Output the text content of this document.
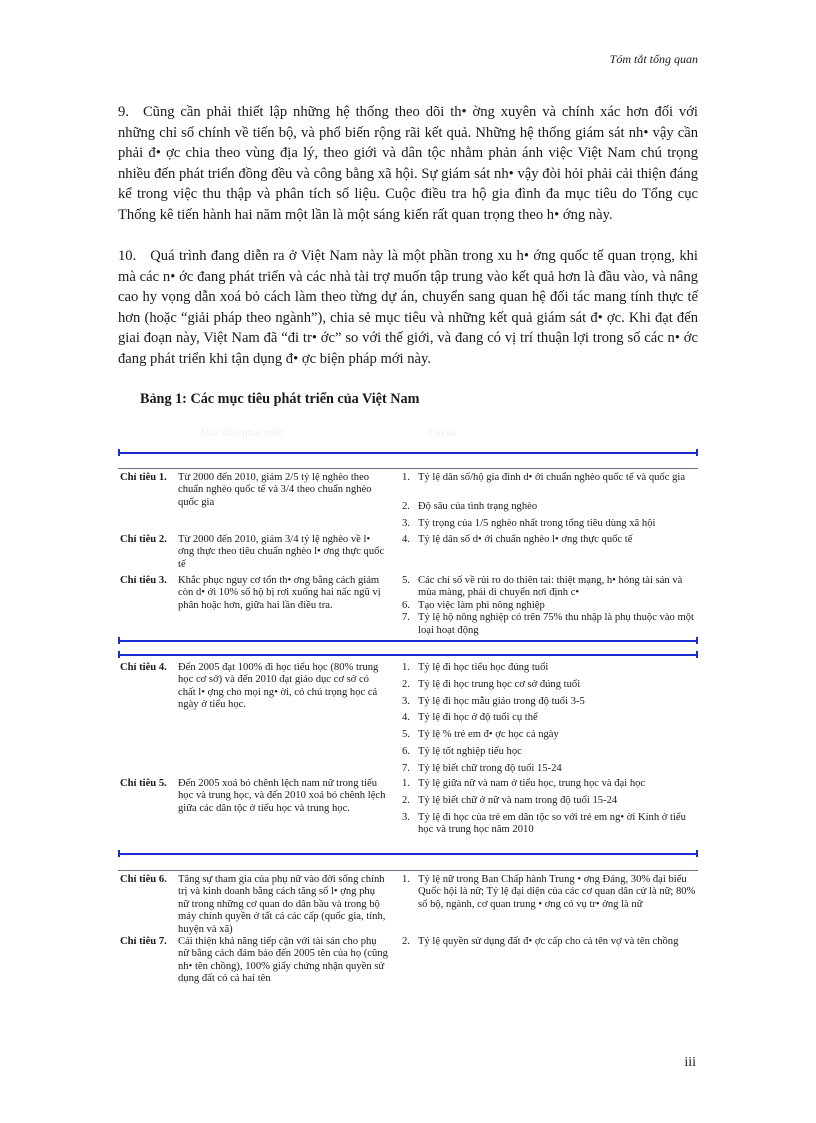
Tóm tắt tổng quan

9. Cũng cần phải thiết lập những hệ thống theo dõi th• ờng xuyên và chính xác hơn đối với những chỉ số chính về tiến bộ, và phổ biến rộng rãi kết quả. Những hệ thống giám sát nh• vậy cần phải đ• ợc chia theo vùng địa lý, theo giới và dân tộc nhằm phản ánh việc Việt Nam chú trọng nhiều đến phát triển đồng đều và công bằng xã hội. Sự giám sát nh• vậy đòi hỏi phải cải thiện đáng kể trong việc thu thập và phân tích số liệu. Cuộc điều tra hộ gia đình đa mục tiêu do Tổng cục Thống kê tiến hành hai năm một lần là một sáng kiến rất quan trọng theo h• ớng này.

10. Quá trình đang diễn ra ở Việt Nam này là một phần trong xu h• ớng quốc tế quan trọng, khi mà các n• ớc đang phát triển và các nhà tài trợ muốn tập trung vào kết quả hơn là đầu vào, và nâng cao hy vọng dẫn xoá bỏ cách làm theo từng dự án, chuyển sang quan hệ đối tác mang tính thực tế hơn (hoặc “giải pháp theo ngành”), chia sẻ mục tiêu và những kết quả giám sát đ• ợc. Khi đạt đến giai đoạn này, Việt Nam đã “đi tr• ớc” so với thế giới, và đang có vị trí thuận lợi trong số các n• ớc đang phát triển khi tận dụng đ• ợc biện pháp mới này.

Bảng 1: Các mục tiêu phát triển của Việt Nam
Mục tiêu phát triển	Chỉ số
Chỉ tiêu 1.	Từ 2000 đến 2010, giảm 2/5 tỷ lệ nghèo theo chuẩn nghèo quốc tế và 3/4 theo chuẩn nghèo quốc gia
1. Tỷ lệ dân số/hộ gia đình d• ới chuẩn nghèo quốc tế và quốc gia
2. Độ sâu của tình trạng nghèo
3. Tỷ trọng của 1/5 nghèo nhất trong tổng tiêu dùng xã hội
Chỉ tiêu 2.	Từ 2000 đến 2010, giảm 3/4 tỷ lệ nghèo về l• ơng thực theo tiêu chuẩn nghèo l• ơng thực quốc tế
4. Tỷ lệ dân số d• ới chuẩn nghèo l• ơng thực quốc tế
Chỉ tiêu 3.	Khắc phục nguy cơ tổn th• ơng bằng cách giảm còn d• ới 10% số hộ bị rơi xuống hai nấc ngũ vị phân hoặc hơn, giữa hai lần điều tra.
5. Các chỉ số về rủi ro do thiên tai: thiệt mạng, h• hỏng tài sản và mùa màng, phải di chuyển nơi định c•
6. Tạo việc làm phi nông nghiệp
7. Tỷ lệ hộ nông nghiệp có trên 75% thu nhập là phụ thuộc vào một loại hoạt động
Chỉ tiêu 4.	Đến 2005 đạt 100% đi học tiểu học (80% trung học cơ sở) và đến 2010 đạt giáo dục cơ sở có chất l• ợng cho mọi ng• ời, có chú trọng học cả ngày ở tiểu học.
1. Tỷ lệ đi học tiểu học đúng tuổi
2. Tỷ lệ đi học trung học cơ sở đúng tuổi
3. Tỷ lệ đi học mẫu giáo trong độ tuổi 3-5
4. Tỷ lệ đi học ở độ tuổi cụ thể
5. Tỷ lệ % trẻ em đ• ợc học cả ngày
6. Tỷ lệ tốt nghiệp tiểu học
7. Tỷ lệ biết chữ trong độ tuổi 15-24
Chỉ tiêu 5.	Đến 2005 xoá bỏ chênh lệch nam nữ trong tiểu học và trung học, và đến 2010 xoá bỏ chênh lệch giữa các dân tộc ở tiểu học và trung học.
1. Tỷ lệ giữa nữ và nam ở tiểu học, trung học và đại học
2. Tỷ lệ biết chữ ở nữ và nam trong độ tuổi 15-24
3. Tỷ lệ đi học của trẻ em dân tộc so với trẻ em ng• ời Kinh ở tiểu học và trung học năm 2010
Chỉ tiêu 6.	Tăng sự tham gia của phụ nữ vào đời sống chính trị và kinh doanh bằng cách tăng số l• ợng phụ nữ trong những cơ quan do dân bầu và trong bộ máy chính quyền ở tất cả các cấp (quốc gia, tỉnh, huyện và xã)
1. Tỷ lệ nữ trong Ban Chấp hành Trung • ơng Đảng, 30% đại biểu Quốc hội là nữ; Tỷ lệ đại diện của các cơ quan dân cử là nữ; 80% số bộ, ngành, cơ quan trung • ơng có vụ tr• ởng là nữ
Chỉ tiêu 7.	Cải thiện khả năng tiếp cận với tài sản cho phụ nữ bằng cách đảm bảo đến 2005 tên của họ (cũng nh• tên chồng), 100% giấy chứng nhận quyền sử dụng đất có cả hai tên
2. Tỷ lệ quyền sử dụng đất đ• ợc cấp cho cả tên vợ và tên chồng
iii
